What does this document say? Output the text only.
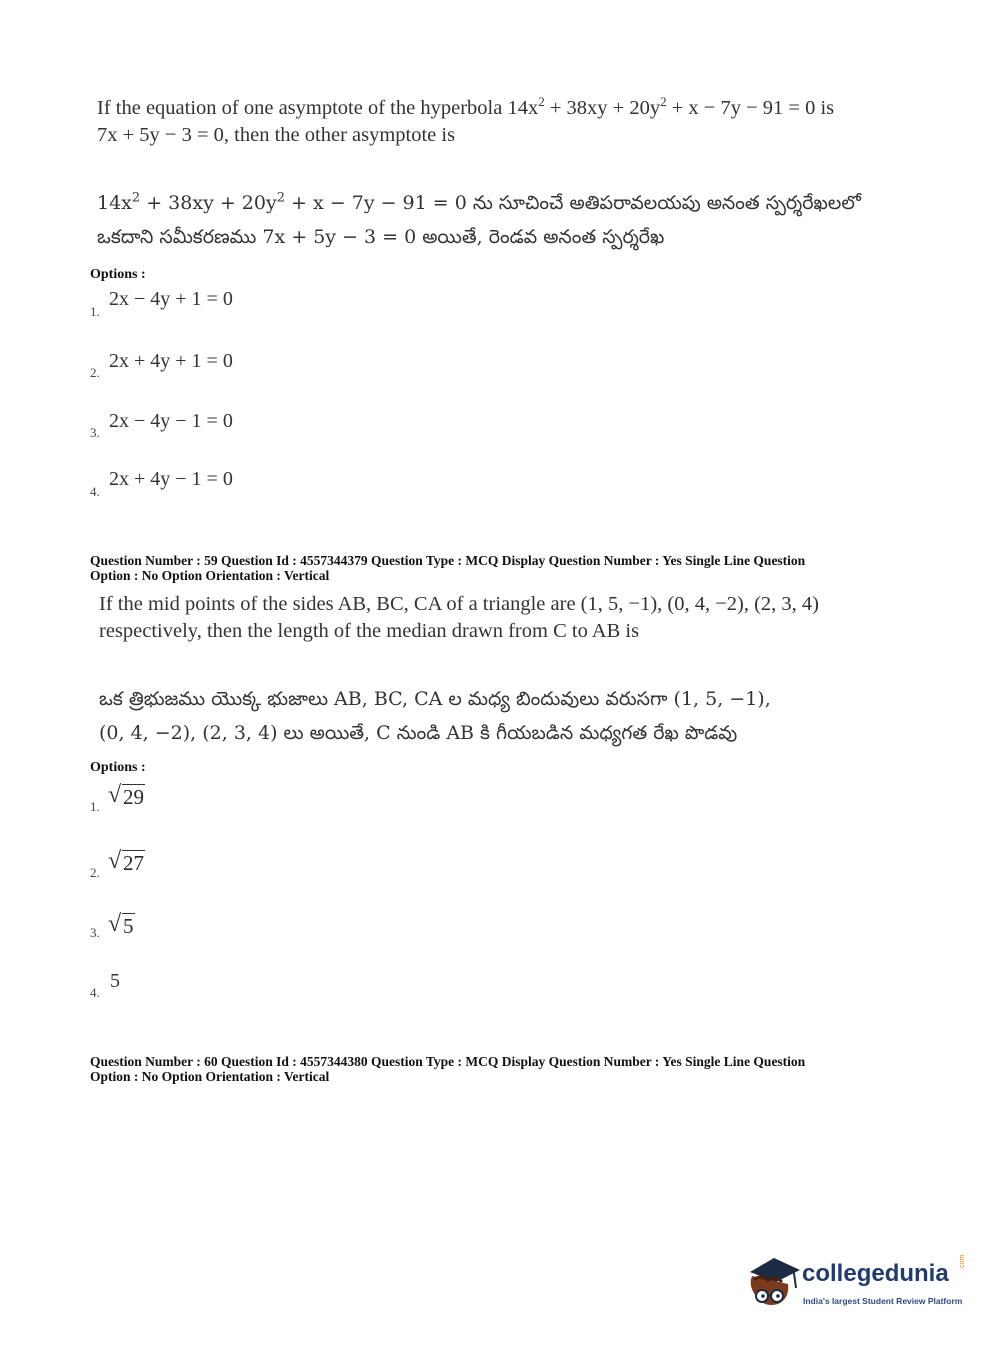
If the equation of one asymptote of the hyperbola $14x^2 + 38xy + 20y^2 + x - 7y - 91 = 0$ is
7x + 5y − 3 = 0, then the other asymptote is
$14x^2 + 38xy + 20y^2 + x - 7y - 91 = 0$ ను సూచించే అతిపరావలయపు అనంత స్పర్శరేఖలలో
ఒకదాని సమీకరణము 7x + 5y − 3 = 0 అయితే, రెండవ అనంత స్పర్శరేఖ
Options :
1.
2x − 4y + 1 = 0
2.
2x + 4y + 1 = 0
3.
2x − 4y − 1 = 0
4.
2x + 4y − 1 = 0
Question Number : 59 Question Id : 4557344379 Question Type : MCQ Display Question Number : Yes Single Line Question
Option : No Option Orientation : Vertical
If the mid points of the sides AB, BC, CA of a triangle are (1, 5, −1), (0, 4, −2), (2, 3, 4)
respectively, then the length of the median drawn from C to AB is
ఒక త్రిభుజము యొక్క భుజాలు AB, BC, CA ల మధ్య బిందువులు వరుసగా (1, 5, −1),
(0, 4, −2), (2, 3, 4) లు అయితే, C నుండి AB కి గీయబడిన మధ్యగత రేఖ పొడవు
Options :
1. √ 29
2. √ 27
3. √ 5
4.
5
Question Number : 60 Question Id : 4557344380 Question Type : MCQ Display Question Number : Yes Single Line Question
Option : No Option Orientation : Vertical
collegedunia .com
India's largest Student Review Platform
